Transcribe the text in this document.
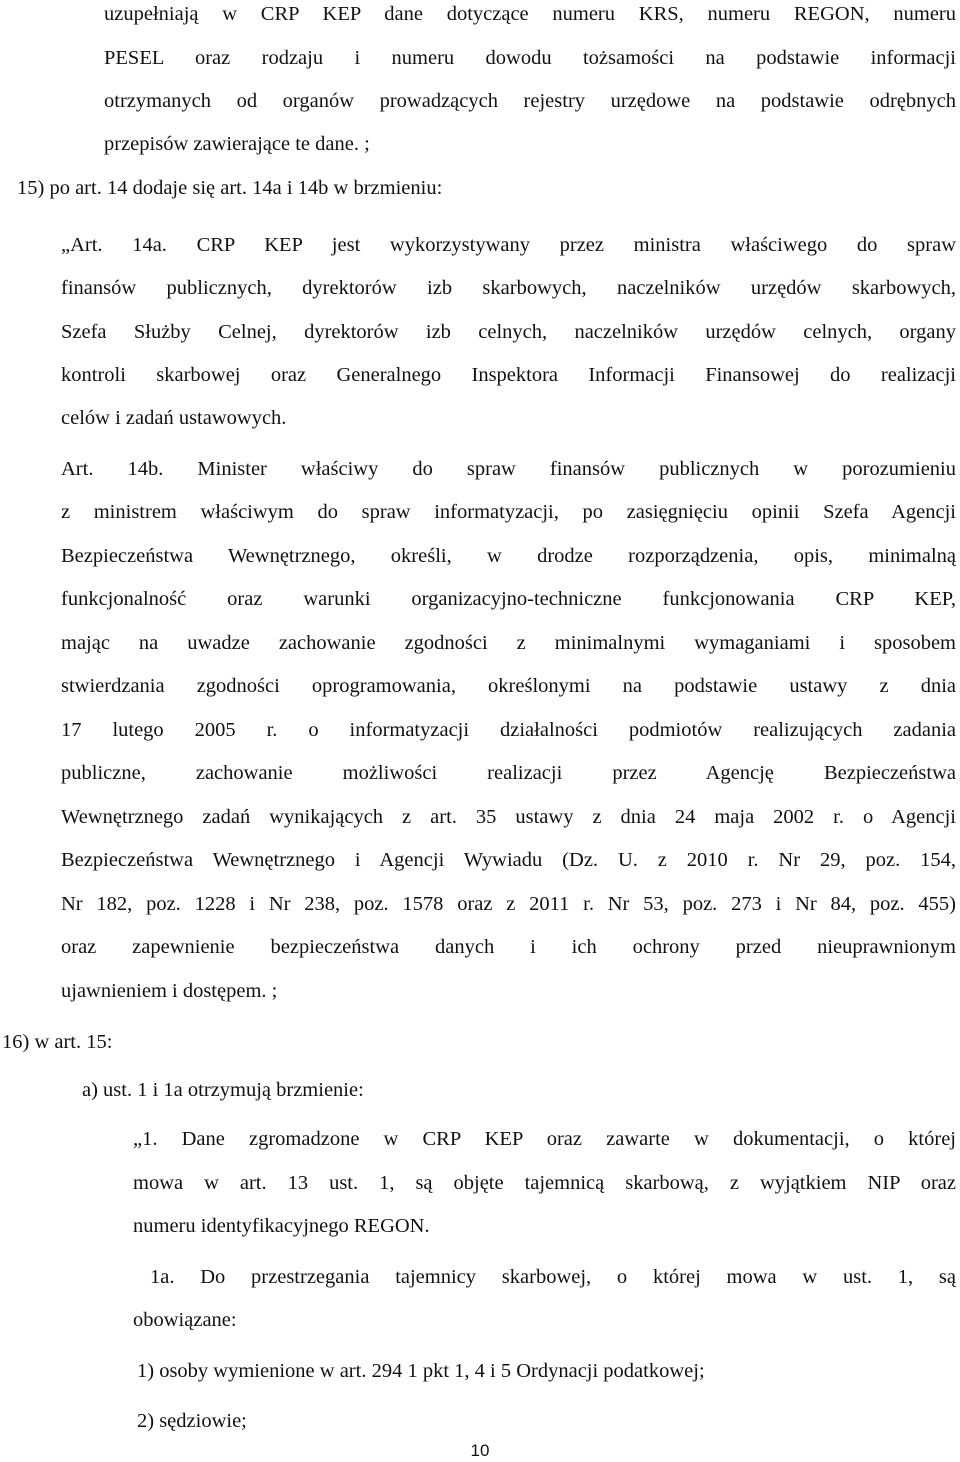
uzupełniają w CRP KEP dane dotyczące numeru KRS, numeru REGON, numeru
PESEL oraz rodzaju i numeru dowodu tożsamości na podstawie informacji
otrzymanych od organów prowadzących rejestry urzędowe na podstawie odrębnych
przepisów zawierające te dane. ;
15) po art. 14 dodaje się art. 14a i 14b w brzmieniu:
„Art. 14a. CRP KEP jest wykorzystywany przez ministra właściwego do spraw
finansów publicznych, dyrektorów izb skarbowych, naczelników urzędów skarbowych,
Szefa Służby Celnej, dyrektorów izb celnych, naczelników urzędów celnych, organy
kontroli skarbowej oraz Generalnego Inspektora Informacji Finansowej do realizacji
celów i zadań ustawowych.
Art. 14b. Minister właściwy do spraw finansów publicznych w porozumieniu
z ministrem właściwym do spraw informatyzacji, po zasięgnięciu opinii Szefa Agencji
Bezpieczeństwa Wewnętrznego, określi, w drodze rozporządzenia, opis, minimalną
funkcjonalność oraz warunki organizacyjno-techniczne funkcjonowania CRP KEP,
mając na uwadze zachowanie zgodności z minimalnymi wymaganiami i sposobem
stwierdzania zgodności oprogramowania, określonymi na podstawie ustawy z dnia
17 lutego 2005 r. o informatyzacji działalności podmiotów realizujących zadania
publiczne, zachowanie możliwości realizacji przez Agencję Bezpieczeństwa
Wewnętrznego zadań wynikających z art. 35 ustawy z dnia 24 maja 2002 r. o Agencji
Bezpieczeństwa Wewnętrznego i Agencji Wywiadu (Dz. U. z 2010 r. Nr 29, poz. 154,
Nr 182, poz. 1228 i Nr 238, poz. 1578 oraz z 2011 r. Nr 53, poz. 273 i Nr 84, poz. 455)
oraz zapewnienie bezpieczeństwa danych i ich ochrony przed nieuprawnionym
ujawnieniem i dostępem. ;
16) w art. 15:
a) ust. 1 i 1a otrzymują brzmienie:
„1. Dane zgromadzone w CRP KEP oraz zawarte w dokumentacji, o której
mowa w art. 13 ust. 1, są objęte tajemnicą skarbową, z wyjątkiem NIP oraz
numeru identyfikacyjnego REGON.
1a. Do przestrzegania tajemnicy skarbowej, o której mowa w ust. 1, są
obowiązane:
1) osoby wymienione w art. 294 1 pkt 1, 4 i 5 Ordynacji podatkowej;
2) sędziowie;
10
